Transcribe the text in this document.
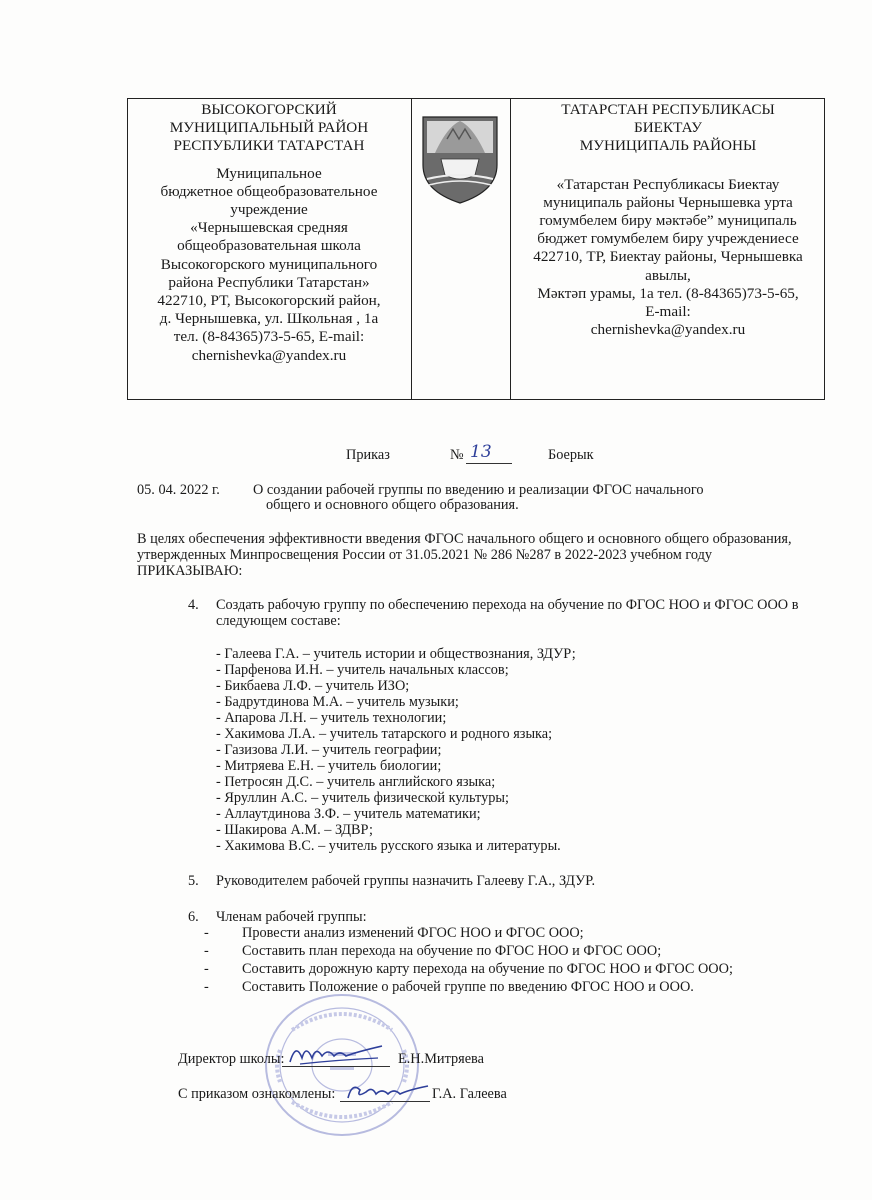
ВЫСОКОГОРСКИЙ
МУНИЦИПАЛЬНЫЙ РАЙОН
РЕСПУБЛИКИ ТАТАРСТАН
Муниципальное
бюджетное общеобразовательное
учреждение
«Чернышевская средняя
общеобразовательная школа
Высокогорского муниципального
района Республики Татарстан»
422710, РТ, Высокогорский район,
д. Чернышевка, ул. Школьная , 1а
тел. (8-84365)73-5-65, E-mail:
chernishevka@yandex.ru
ТАТАРСТАН РЕСПУБЛИКАСЫ
БИЕКТАУ
МУНИЦИПАЛЬ РАЙОНЫ
«Татарстан Республикасы Биектау
муниципаль районы Чернышевка урта
гомумбелем биру мәктәбе” муниципаль
бюджет гомумбелем биру учреждениесе
422710, ТР, Биектау районы, Чернышевка
авылы,
Мәктәп урамы, 1а тел. (8-84365)73-5-65,
E-mail:
chernishevka@yandex.ru
Приказ	№ 13	Боерык
05. 04. 2022 г. О создании рабочей группы по введению и реализации ФГОС начального
общего и основного общего образования.
В целях обеспечения эффективности введения ФГОС начального общего и основного общего образования,
утвержденных Минпросвещения России от 31.05.2021 № 286 №287 в 2022-2023 учебном году
ПРИКАЗЫВАЮ:
4. Создать рабочую группу по обеспечению перехода на обучение по ФГОС НОО и ФГОС ООО в
следующем составе:
- Галеева Г.А. – учитель истории и обществознания, ЗДУР;
- Парфенова И.Н. – учитель начальных классов;
- Бикбаева Л.Ф. – учитель ИЗО;
- Бадрутдинова М.А. – учитель музыки;
- Апарова Л.Н. – учитель технологии;
- Хакимова Л.А. – учитель татарского и родного языка;
- Газизова Л.И. – учитель географии;
- Митряева Е.Н. – учитель биологии;
- Петросян Д.С. – учитель английского языка;
- Яруллин А.С. – учитель физической культуры;
- Аллаутдинова З.Ф. – учитель математики;
- Шакирова А.М. – ЗДВР;
- Хакимова В.С. – учитель русского языка и литературы.
5. Руководителем рабочей группы назначить Галееву Г.А., ЗДУР.
6. Членам рабочей группы:
- Провести анализ изменений ФГОС НОО и ФГОС ООО;
- Составить план перехода на обучение по ФГОС НОО и ФГОС ООО;
- Составить дорожную карту перехода на обучение по ФГОС НОО и ФГОС ООО;
- Составить Положение о рабочей группе по введению ФГОС НОО и ООО.
Директор школы:	Е.Н.Митряева
С приказом ознакомлены:	Г.А. Галеева
